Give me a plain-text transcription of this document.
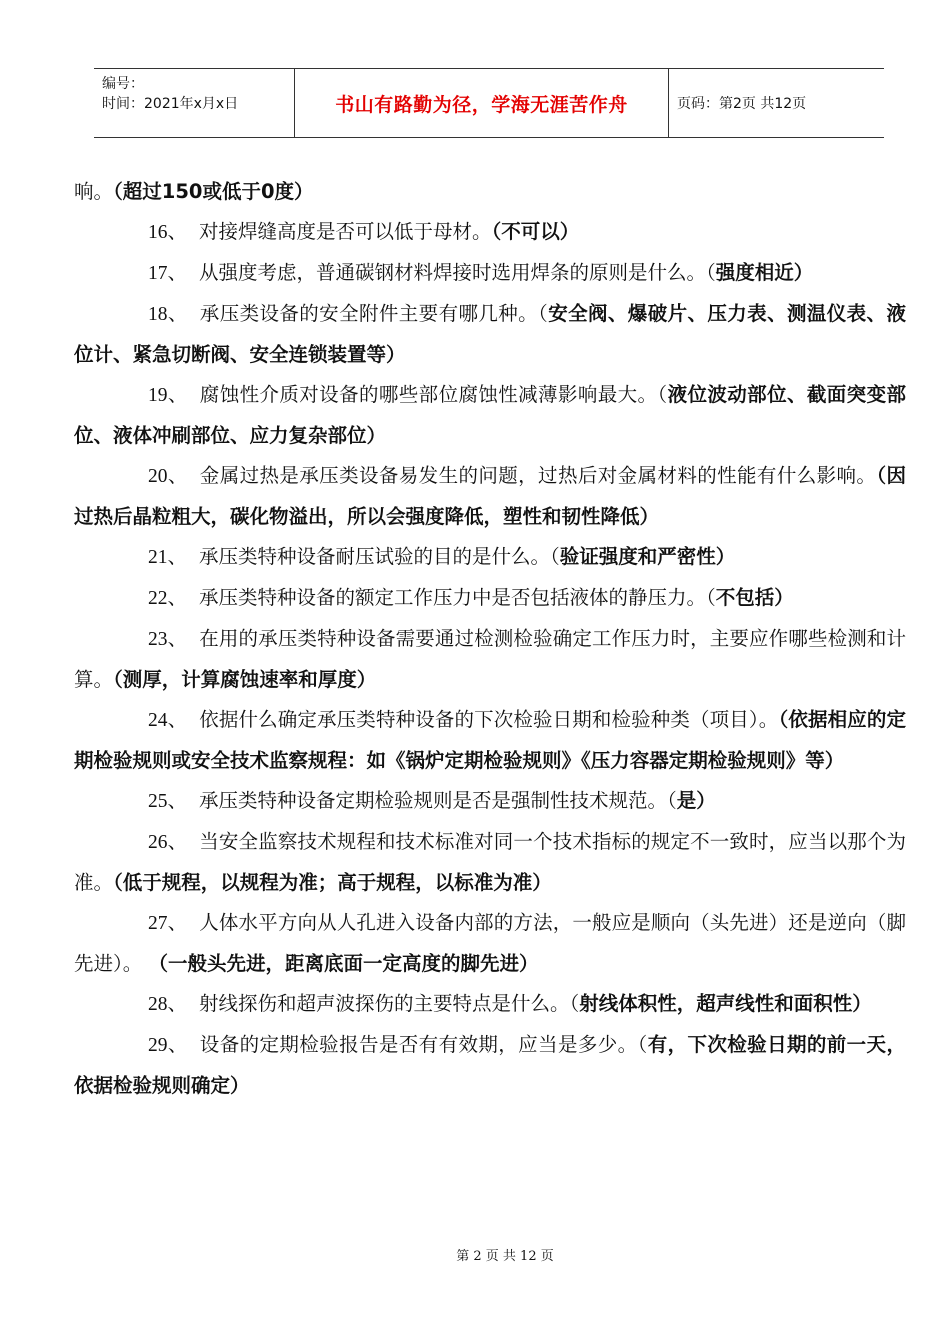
编号：
时间：2021年x月x日	书山有路勤为径，学海无涯苦作舟	页码：第2页 共12页

响。（超过150或低于0度）

16、 对接焊缝高度是否可以低于母材。（不可以）

17、 从强度考虑，普通碳钢材料焊接时选用焊条的原则是什么。（强度相近）

18、 承压类设备的安全附件主要有哪几种。（安全阀、爆破片、压力表、测温仪表、液位计、紧急切断阀、安全连锁装置等）

19、 腐蚀性介质对设备的哪些部位腐蚀性减薄影响最大。（液位波动部位、截面突变部位、液体冲刷部位、应力复杂部位）

20、 金属过热是承压类设备易发生的问题，过热后对金属材料的性能有什么影响。（因过热后晶粒粗大，碳化物溢出，所以会强度降低，塑性和韧性降低）

21、 承压类特种设备耐压试验的目的是什么。（验证强度和严密性）

22、 承压类特种设备的额定工作压力中是否包括液体的静压力。（不包括）

23、 在用的承压类特种设备需要通过检测检验确定工作压力时，主要应作哪些检测和计算。（测厚，计算腐蚀速率和厚度）

24、 依据什么确定承压类特种设备的下次检验日期和检验种类（项目）。（依据相应的定期检验规则或安全技术监察规程：如《锅炉定期检验规则》《压力容器定期检验规则》等）

25、 承压类特种设备定期检验规则是否是强制性技术规范。（是）

26、 当安全监察技术规程和技术标准对同一个技术指标的规定不一致时，应当以那个为准。（低于规程，以规程为准；高于规程，以标准为准）

27、 人体水平方向从人孔进入设备内部的方法，一般应是顺向（头先进）还是逆向（脚先进）。 （一般头先进，距离底面一定高度的脚先进）

28、 射线探伤和超声波探伤的主要特点是什么。（射线体积性，超声线性和面积性）

29、 设备的定期检验报告是否有有效期，应当是多少。（有，下次检验日期的前一天，依据检验规则确定）

第 2 页 共 12 页
